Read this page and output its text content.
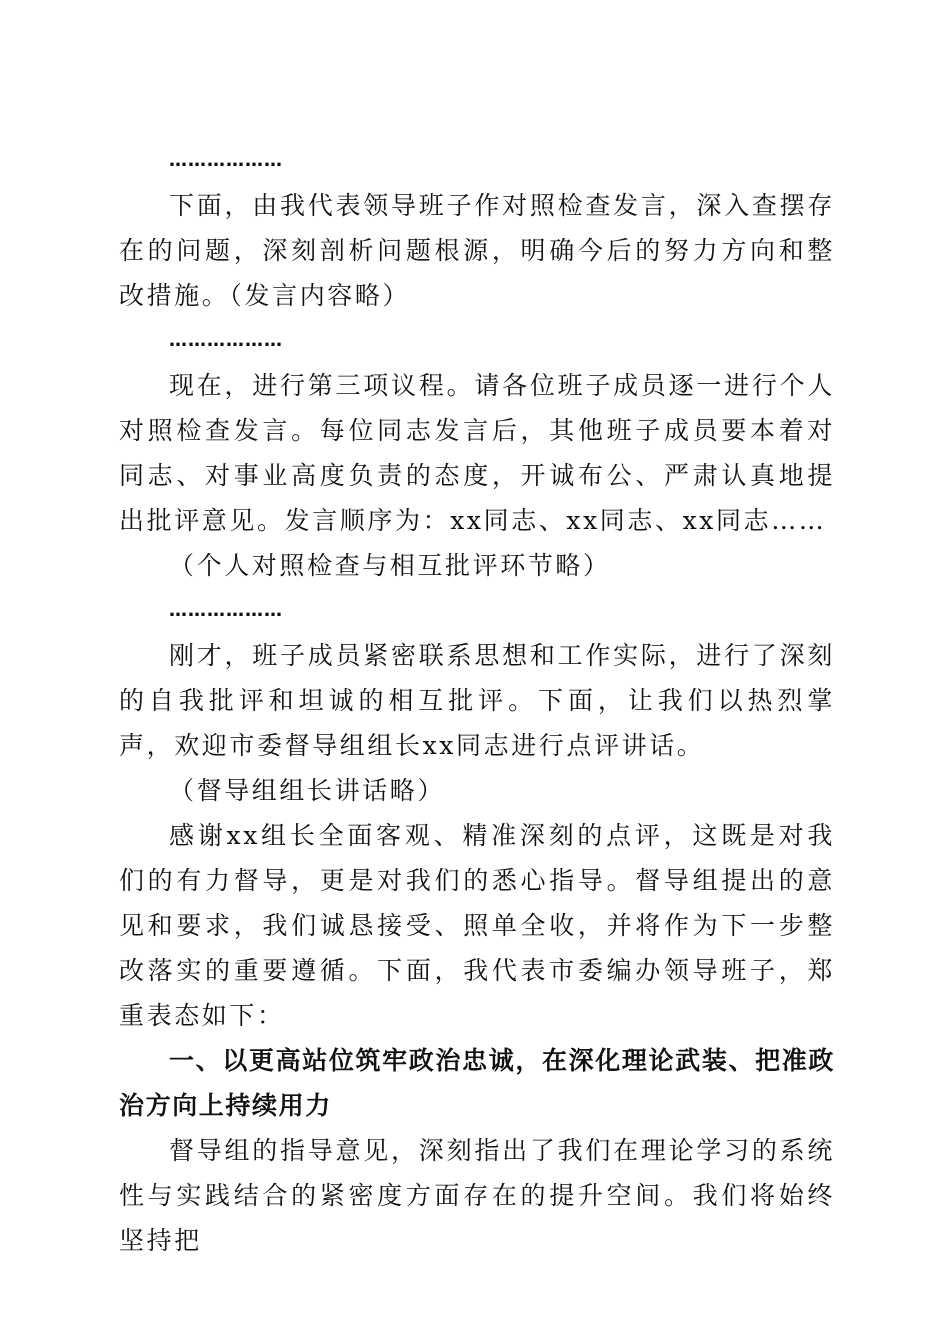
………………

下面，由我代表领导班子作对照检查发言，深入查摆存在的问题，深刻剖析问题根源，明确今后的努力方向和整改措施。（发言内容略）

………………

现在，进行第三项议程。请各位班子成员逐一进行个人对照检查发言。每位同志发言后，其他班子成员要本着对同志、对事业高度负责的态度，开诚布公、严肃认真地提出批评意见。发言顺序为：xx同志、xx同志、xx同志……

（个人对照检查与相互批评环节略）

………………

刚才，班子成员紧密联系思想和工作实际，进行了深刻的自我批评和坦诚的相互批评。下面，让我们以热烈掌声，欢迎市委督导组组长xx同志进行点评讲话。

（督导组组长讲话略）

感谢xx组长全面客观、精准深刻的点评，这既是对我们的有力督导，更是对我们的悉心指导。督导组提出的意见和要求，我们诚恳接受、照单全收，并将作为下一步整改落实的重要遵循。下面，我代表市委编办领导班子，郑重表态如下：

一、以更高站位筑牢政治忠诚，在深化理论武装、把准政治方向上持续用力

督导组的指导意见，深刻指出了我们在理论学习的系统性与实践结合的紧密度方面存在的提升空间。我们将始终坚持把
